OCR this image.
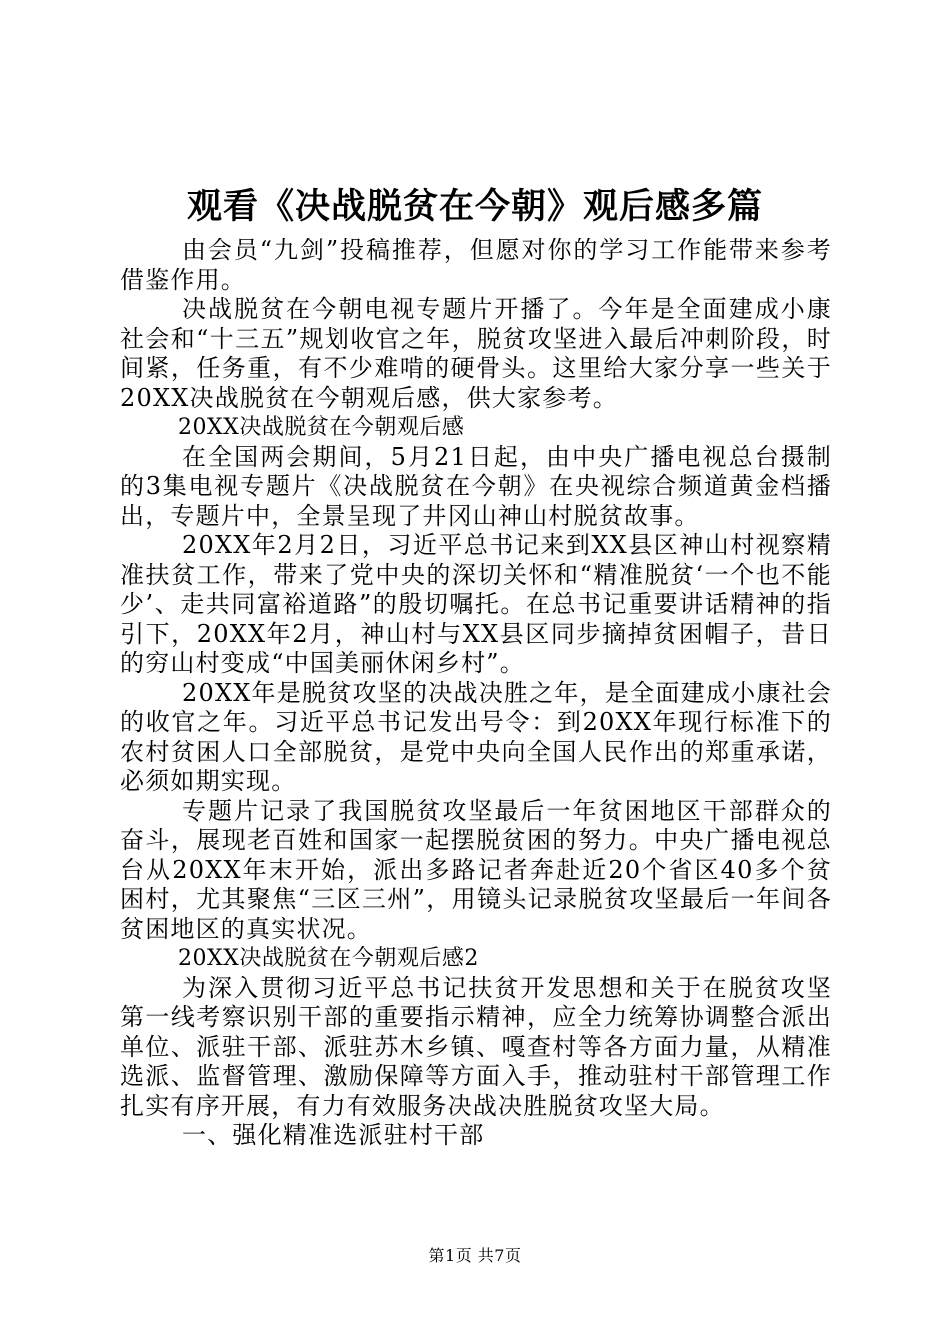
观看《决战脱贫在今朝》观后感多篇

由会员“九剑”投稿推荐，但愿对你的学习工作能带来参考借鉴作用。

决战脱贫在今朝电视专题片开播了。今年是全面建成小康社会和“十三五”规划收官之年，脱贫攻坚进入最后冲刺阶段，时间紧，任务重，有不少难啃的硬骨头。这里给大家分享一些关于20XX决战脱贫在今朝观后感，供大家参考。

20XX决战脱贫在今朝观后感

在全国两会期间，5月21日起，由中央广播电视总台摄制的3集电视专题片《决战脱贫在今朝》在央视综合频道黄金档播出，专题片中，全景呈现了井冈山神山村脱贫故事。

20XX年2月2日，习近平总书记来到XX县区神山村视察精准扶贫工作，带来了党中央的深切关怀和“精准脱贫‘一个也不能少’、走共同富裕道路”的殷切嘱托。在总书记重要讲话精神的指引下，20XX年2月，神山村与XX县区同步摘掉贫困帽子，昔日的穷山村变成“中国美丽休闲乡村”。

20XX年是脱贫攻坚的决战决胜之年，是全面建成小康社会的收官之年。习近平总书记发出号令：到20XX年现行标准下的农村贫困人口全部脱贫，是党中央向全国人民作出的郑重承诺，必须如期实现。

专题片记录了我国脱贫攻坚最后一年贫困地区干部群众的奋斗，展现老百姓和国家一起摆脱贫困的努力。中央广播电视总台从20XX年末开始，派出多路记者奔赴近20个省区40多个贫困村，尤其聚焦“三区三州”，用镜头记录脱贫攻坚最后一年间各贫困地区的真实状况。

20XX决战脱贫在今朝观后感2

为深入贯彻习近平总书记扶贫开发思想和关于在脱贫攻坚第一线考察识别干部的重要指示精神，应全力统筹协调整合派出单位、派驻干部、派驻苏木乡镇、嘎查村等各方面力量，从精准选派、监督管理、激励保障等方面入手，推动驻村干部管理工作扎实有序开展，有力有效服务决战决胜脱贫攻坚大局。

一、强化精准选派驻村干部

第1页 共7页
